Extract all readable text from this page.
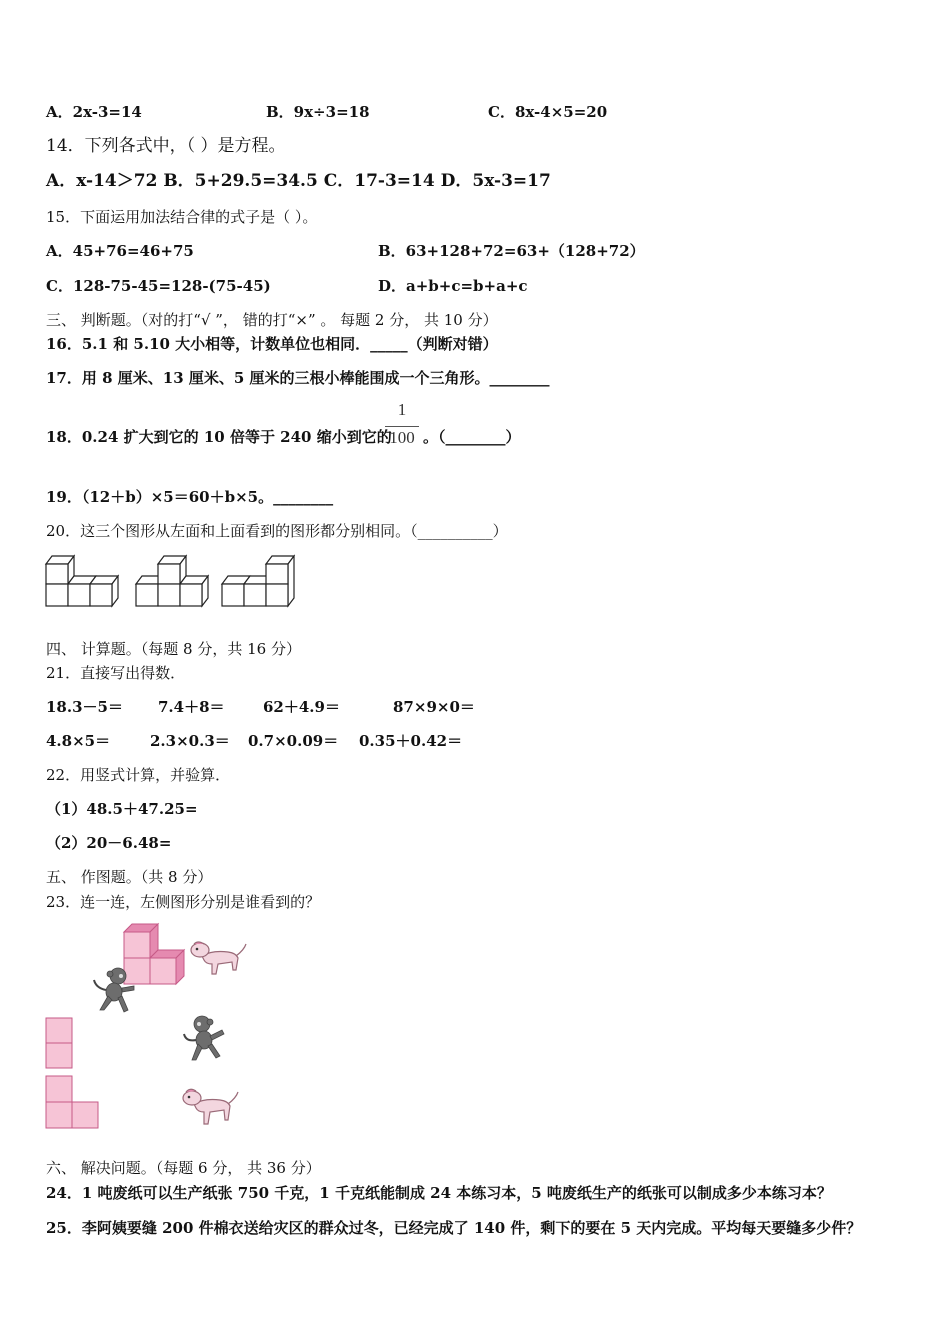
A．2x-3=14	B．9x÷3=18	C．8x-4×5=20
14．下列各式中，（ ）是方程。
A．x-14＞72 B．5+29.5=34.5 C．17-3=14 D．5x-3=17
15．下面运用加法结合律的式子是（ ）。
A．45+76=46+75	B．63+128+72=63+（128+72）
C．128-75-45=128-(75-45)	D．a+b+c=b+a+c
三、 判断题。（对的打“√ ”， 错的打“×” 。 每题 2 分， 共 10 分）
16．5.1 和 5.10 大小相等，计数单位也相同．_____（判断对错）
17．用 8 厘米、13 厘米、5 厘米的三根小棒能围成一个三角形。________
18．0.24 扩大到它的 10 倍等于 240 缩小到它的
1
100 。（________）
19．（12＋b）×5＝60＋b×5。________
20．这三个图形从左面和上面看到的图形都分别相同。（__________）
四、 计算题。（每题 8 分，共 16 分）
21．直接写出得数．
18.3－5＝ 7.4＋8＝	62＋4.9＝	87×9×0＝
4.8×5＝	2.3×0.3＝ 0.7×0.09＝ 0.35＋0.42＝
22．用竖式计算，并验算．
（1）48.5＋47.25=
（2）20－6.48=
五、 作图题。（共 8 分）
23．连一连，左侧图形分别是谁看到的？
六、 解决问题。（每题 6 分， 共 36 分）
24．1 吨废纸可以生产纸张 750 千克，1 千克纸能制成 24 本练习本，5 吨废纸生产的纸张可以制成多少本练习本？
25．李阿姨要缝 200 件棉衣送给灾区的群众过冬，已经完成了 140 件，剩下的要在 5 天内完成。平均每天要缝多少件？
